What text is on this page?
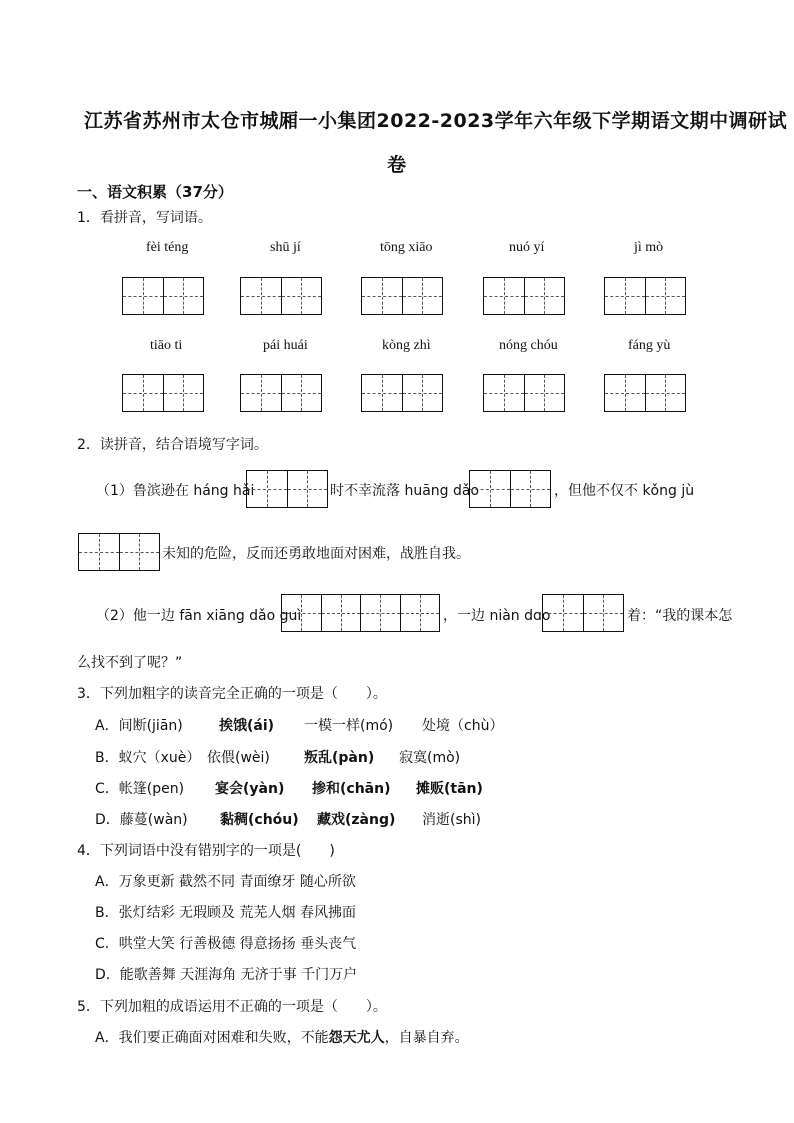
江苏省苏州市太仓市城厢一小集团2022-2023学年六年级下学期语文期中调研试
卷
一、语文积累（37分）
1．看拼音，写词语。
fèi téng	shū jí	tōng xiāo	nuó yí	jì mò
tiāo ti	pái huái	kòng zhì	nóng chóu	fáng yù
2．读拼音，结合语境写字词。
（1）鲁滨逊在 háng hǎi	时不幸流落 huāng dǎo	，但他不仅不 kǒng jù
未知的危险，反而还勇敢地面对困难，战胜自我。
（2）他一边 fān xiāng dǎo guì	，一边 niàn dɑo	着：“我的课本怎
么找不到了呢？”
3．下列加粗字的读音完全正确的一项是（　　）。
A．间断(jiān)	挨饿(ái) 一模一样(mó) 处境（chù）
B．蚁穴（xuè） 依偎(wèi) 叛乱(pàn) 寂寞(mò)
C．帐篷(pen) 宴会(yàn) 掺和(chān) 摊贩(tān)
D．藤蔓(wàn) 黏稠(chóu) 藏戏(zàng) 消逝(shì)
4．下列词语中没有错别字的一项是(　　)
A．万象更新 截然不同 青面缭牙 随心所欲
B．张灯结彩 无瑕顾及 荒芜人烟 春风拂面
C．哄堂大笑 行善极德 得意扬扬 垂头丧气
D．能歌善舞 天涯海角 无济于事 千门万户
5．下列加粗的成语运用不正确的一项是（　　）。
A．我们要正确面对困难和失败，不能怨天尤人，自暴自弃。
